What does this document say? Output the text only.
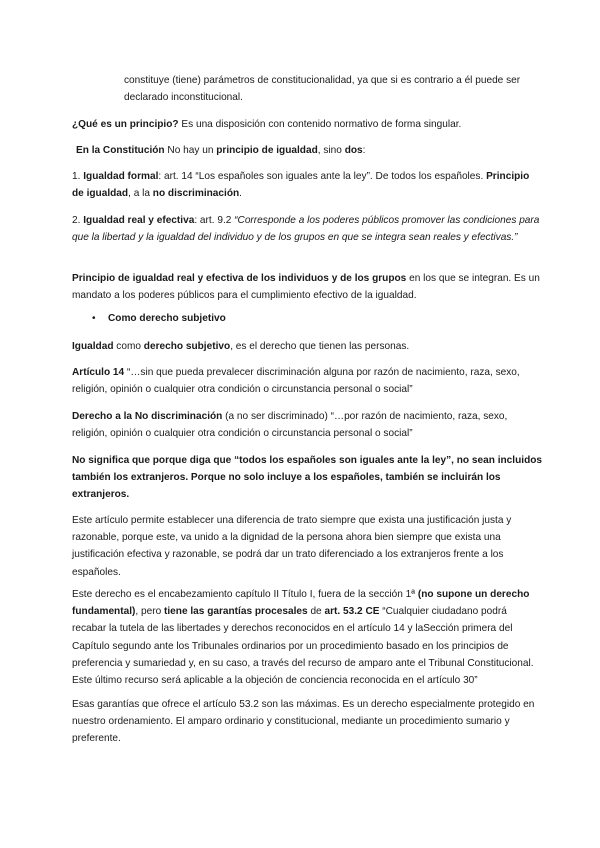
constituye (tiene) parámetros de constitucionalidad, ya que si es contrario a él puede ser declarado inconstitucional.

¿Qué es un principio? Es una disposición con contenido normativo de forma singular.

En la Constitución No hay un principio de igualdad, sino dos:

1. Igualdad formal: art. 14 “Los españoles son iguales ante la ley”. De todos los españoles. Principio de igualdad, a la no discriminación.

2. Igualdad real y efectiva: art. 9.2 “Corresponde a los poderes públicos promover las condiciones para que la libertad y la igualdad del individuo y de los grupos en que se integra sean reales y efectivas.”

Principio de igualdad real y efectiva de los individuos y de los grupos en los que se integran. Es un mandato a los poderes públicos para el cumplimiento efectivo de la igualdad.

• Como derecho subjetivo

Igualdad como derecho subjetivo, es el derecho que tienen las personas.

Artículo 14 “…sin que pueda prevalecer discriminación alguna por razón de nacimiento, raza, sexo, religión, opinión o cualquier otra condición o circunstancia personal o social”

Derecho a la No discriminación (a no ser discriminado) “…por razón de nacimiento, raza, sexo, religión, opinión o cualquier otra condición o circunstancia personal o social”

No significa que porque diga que “todos los españoles son iguales ante la ley”, no sean incluidos también los extranjeros. Porque no solo incluye a los españoles, también se incluirán los extranjeros.

Este artículo permite establecer una diferencia de trato siempre que exista una justificación justa y razonable, porque este, va unido a la dignidad de la persona ahora bien siempre que exista una justificación efectiva y razonable, se podrá dar un trato diferenciado a los extranjeros frente a los españoles.

Este derecho es el encabezamiento capítulo II Título I, fuera de la sección 1ª (no supone un derecho fundamental), pero tiene las garantías procesales de art. 53.2 CE “Cualquier ciudadano podrá recabar la tutela de las libertades y derechos reconocidos en el artículo 14 y laSección primera del Capítulo segundo ante los Tribunales ordinarios por un procedimiento basado en los principios de preferencia y sumariedad y, en su caso, a través del recurso de amparo ante el Tribunal Constitucional. Este último recurso será aplicable a la objeción de conciencia reconocida en el artículo 30”

Esas garantías que ofrece el artículo 53.2 son las máximas. Es un derecho especialmente protegido en nuestro ordenamiento. El amparo ordinario y constitucional, mediante un procedimiento sumario y preferente.
